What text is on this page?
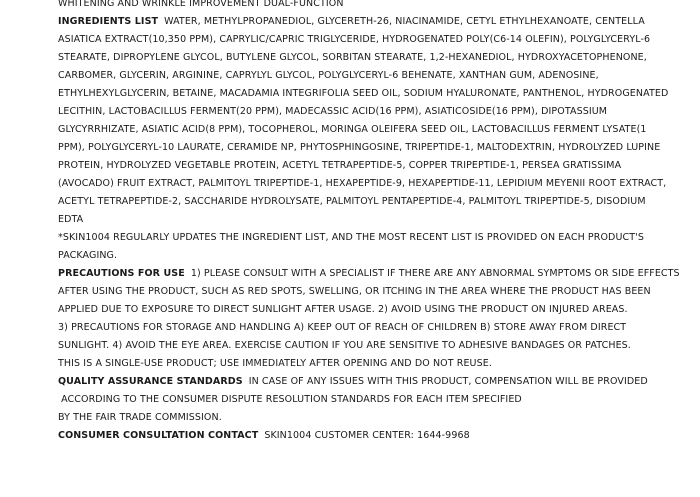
WHITENING AND WRINKLE IMPROVEMENT DUAL-FUNCTION
INGREDIENTS LIST WATER, METHYLPROPANEDIOL, GLYCERETH-26, NIACINAMIDE, CETYL ETHYLHEXANOATE, CENTELLA
ASIATICA EXTRACT(10,350 PPM), CAPRYLIC/CAPRIC TRIGLYCERIDE, HYDROGENATED POLY(C6-14 OLEFIN), POLYGLYCERYL-6
STEARATE, DIPROPYLENE GLYCOL, BUTYLENE GLYCOL, SORBITAN STEARATE, 1,2-HEXANEDIOL, HYDROXYACETOPHENONE,
CARBOMER, GLYCERIN, ARGININE, CAPRYLYL GLYCOL, POLYGLYCERYL-6 BEHENATE, XANTHAN GUM, ADENOSINE,
ETHYLHEXYLGLYCERIN, BETAINE, MACADAMIA INTEGRIFOLIA SEED OIL, SODIUM HYALURONATE, PANTHENOL, HYDROGENATED
LECITHIN, LACTOBACILLUS FERMENT(20 PPM), MADECASSIC ACID(16 PPM), ASIATICOSIDE(16 PPM), DIPOTASSIUM
GLYCYRRHIZATE, ASIATIC ACID(8 PPM), TOCOPHEROL, MORINGA OLEIFERA SEED OIL, LACTOBACILLUS FERMENT LYSATE(1
PPM), POLYGLYCERYL-10 LAURATE, CERAMIDE NP, PHYTOSPHINGOSINE, TRIPEPTIDE-1, MALTODEXTRIN, HYDROLYZED LUPINE
PROTEIN, HYDROLYZED VEGETABLE PROTEIN, ACETYL TETRAPEPTIDE-5, COPPER TRIPEPTIDE-1, PERSEA GRATISSIMA
(AVOCADO) FRUIT EXTRACT, PALMITOYL TRIPEPTIDE-1, HEXAPEPTIDE-9, HEXAPEPTIDE-11, LEPIDIUM MEYENII ROOT EXTRACT,
ACETYL TETRAPEPTIDE-2, SACCHARIDE HYDROLYSATE, PALMITOYL PENTAPEPTIDE-4, PALMITOYL TRIPEPTIDE-5, DISODIUM
EDTA
*SKIN1004 REGULARLY UPDATES THE INGREDIENT LIST, AND THE MOST RECENT LIST IS PROVIDED ON EACH PRODUCT'S
PACKAGING.
PRECAUTIONS FOR USE 1) PLEASE CONSULT WITH A SPECIALIST IF THERE ARE ANY ABNORMAL SYMPTOMS OR SIDE EFFECTS
AFTER USING THE PRODUCT, SUCH AS RED SPOTS, SWELLING, OR ITCHING IN THE AREA WHERE THE PRODUCT HAS BEEN
APPLIED DUE TO EXPOSURE TO DIRECT SUNLIGHT AFTER USAGE. 2) AVOID USING THE PRODUCT ON INJURED AREAS.
3) PRECAUTIONS FOR STORAGE AND HANDLING A) KEEP OUT OF REACH OF CHILDREN B) STORE AWAY FROM DIRECT
SUNLIGHT. 4) AVOID THE EYE AREA. EXERCISE CAUTION IF YOU ARE SENSITIVE TO ADHESIVE BANDAGES OR PATCHES.
THIS IS A SINGLE-USE PRODUCT; USE IMMEDIATELY AFTER OPENING AND DO NOT REUSE.
QUALITY ASSURANCE STANDARDS IN CASE OF ANY ISSUES WITH THIS PRODUCT, COMPENSATION WILL BE PROVIDED
ACCORDING TO THE CONSUMER DISPUTE RESOLUTION STANDARDS FOR EACH ITEM SPECIFIED
BY THE FAIR TRADE COMMISSION.
CONSUMER CONSULTATION CONTACT SKIN1004 CUSTOMER CENTER: 1644-9968
